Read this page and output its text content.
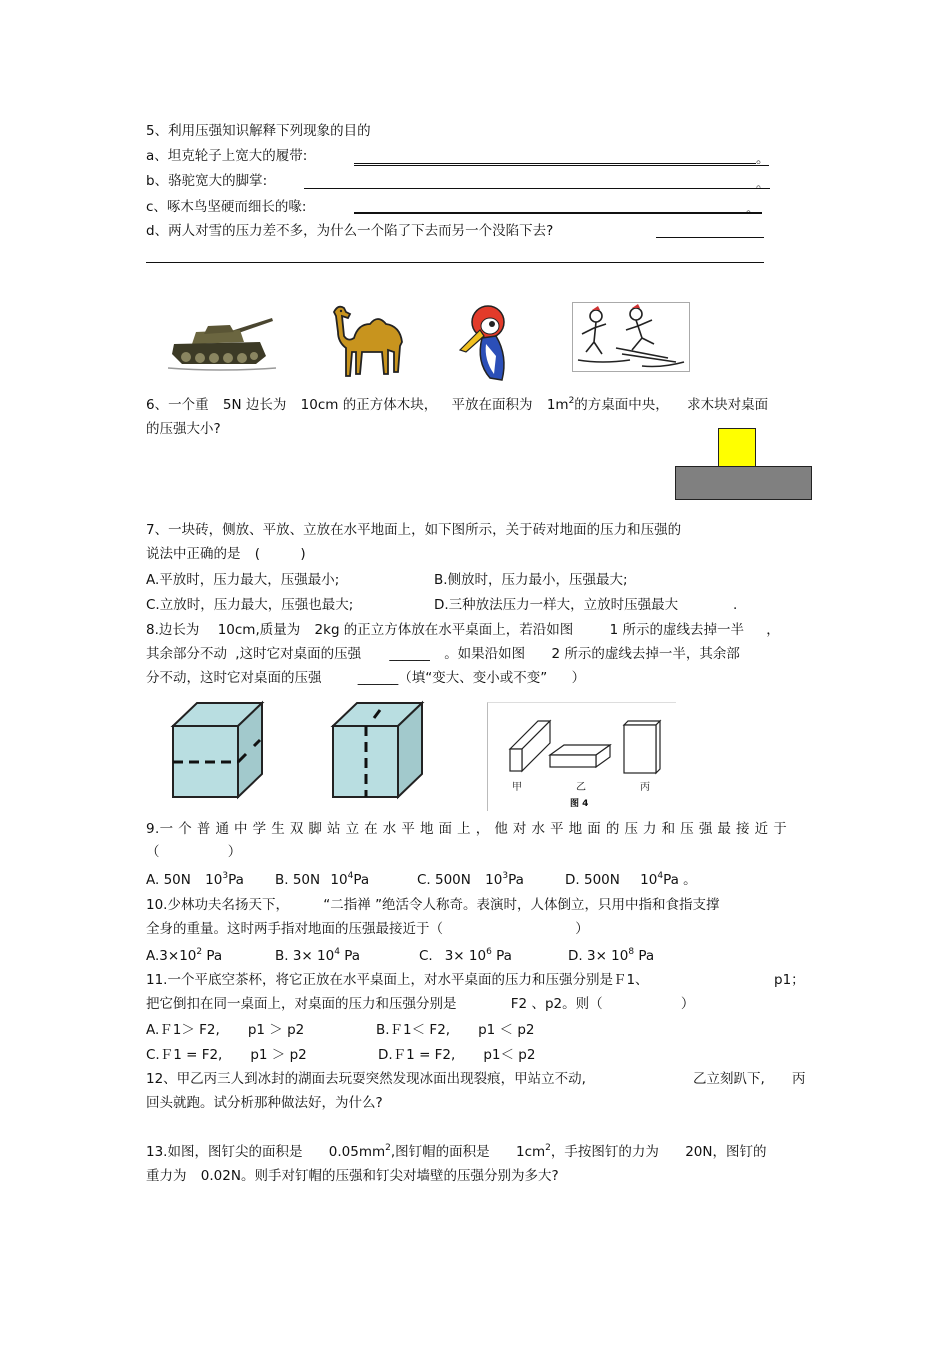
5、利用压强知识解释下列现象的目的
a、坦克轮子上宽大的履带:	。
b、骆驼宽大的脚掌:	。
c、啄木鸟坚硬而细长的喙:	。
d、两人对雪的压力差不多，为什么一个陷了下去而另一个没陷下去?
6、一个重 5N 边长为 10cm 的正方体木块， 平放在面积为 $1m^2$的方桌面中央， 求木块对桌面
的压强大小?
7、一块砖，侧放、平放、立放在水平地面上，如下图所示，关于砖对地面的压力和压强的
说法中正确的是 (	)
A.平放时，压力最大，压强最小;	B.侧放时，压力最小，压强最大;
C.立放时，压力最大，压强也最大;	D.三种放法压力一样大，立放时压强最大	.
8.边长为 10cm,质量为 2kg 的正立方体放在水平桌面上，若沿如图	1 所示的虚线去掉一半 ，
其余部分不动 ,这时它对桌面的压强 ______ 。如果沿如图 2 所示的虚线去掉一半，其余部
分不动，这时它对桌面的压强	______（填“变大、变小或不变” ）
甲	乙	丙
图 4
9.一 个 普 通 中 学 生 双 脚 站 立 在 水 平 地 面 上 ， 他 对 水 平 地 面 的 压 力 和 压 强 最 接 近 于
（	）
A. 50N $10^3Pa$ B. 50N $10^4Pa$	C. 500N $10^3Pa$	D. 500N $10^4Pa$ 。
10.少林功夫名扬天下，	“二指禅 ”绝活令人称奇。表演时，人体倒立，只用中指和食指支撑
全身的重量。这时两手指对地面的压强最接近于（	）
$A.3\times 10^2$ Pa	B. $3\times 10^4$ Pa	C. $3\times 10^6$ Pa	D. $3\times 10^8$ Pa
11.一个平底空茶杯，将它正放在水平桌面上，对水平桌面的压力和压强分别是Ｆ1、	p1；
把它倒扣在同一桌面上，对桌面的压力和压强分别是	F2 、p2。则（	）
A.Ｆ1＞ F2, p1 ＞ p2	B.Ｆ1＜ F2, p1 ＜ p2
C.Ｆ1 = F2, p1 ＞ p2	D.Ｆ1 = F2, p1＜ p2
12、甲乙丙三人到冰封的湖面去玩耍突然发现冰面出现裂痕，甲站立不动,	乙立刻趴下, 丙
回头就跑。试分析那种做法好，为什么?
13.如图，图钉尖的面积是 $0.05mm^2$,图钉帽的面积是 $1cm^2$，手按图钉的力为 20N，图钉的
重力为 0.02N。则手对钉帽的压强和钉尖对墙壁的压强分别为多大?
